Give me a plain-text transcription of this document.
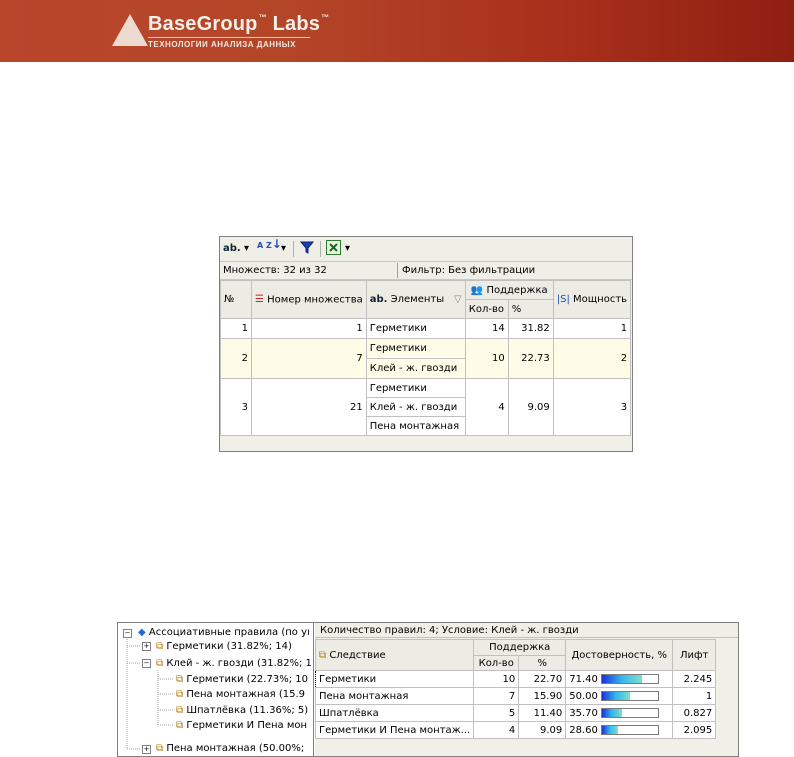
BaseGroup™ Labs™
ТЕХНОЛОГИИ АНАЛИЗА ДАННЫХ
ab. ▾ A Z↓ ▾	▾
Множеств: 32 из 32	Фильтр: Без фильтрации
№	☰ Номер множества	ab. Элементы ▽	👥 Поддержка		|S| Мощность
			Кол-во	%	
1	1	Герметики	14	31.82	1
2	7	Герметики	10	22.73	2
		Клей - ж. гвозди			
3	21	Герметики	4	9.09	3
		Клей - ж. гвозди			
		Пена монтажная			
− ◆ Ассоциативные правила (по уı
+ ⧉ Герметики (31.82%; 14)
− ⧉ Клей - ж. гвозди (31.82%; 1
⧉ Герметики (22.73%; 10
⧉ Пена монтажная (15.9
⧉ Шпатлёвка (11.36%; 5)
⧉ Герметики И Пена мон
+ ⧉ Пена монтажная (50.00%;
Количество правил: 4; Условие: Клей - ж. гвозди
⧉ Следствие	Поддержка		Достоверность, %	Лифт
	Кол-во	%		
Герметики	10	22.70	71.40	2.245
Пена монтажная	7	15.90	50.00	1
Шпатлёвка	5	11.40	35.70	0.827
Герметики И Пена монтаж...	4	9.09	28.60	2.095
